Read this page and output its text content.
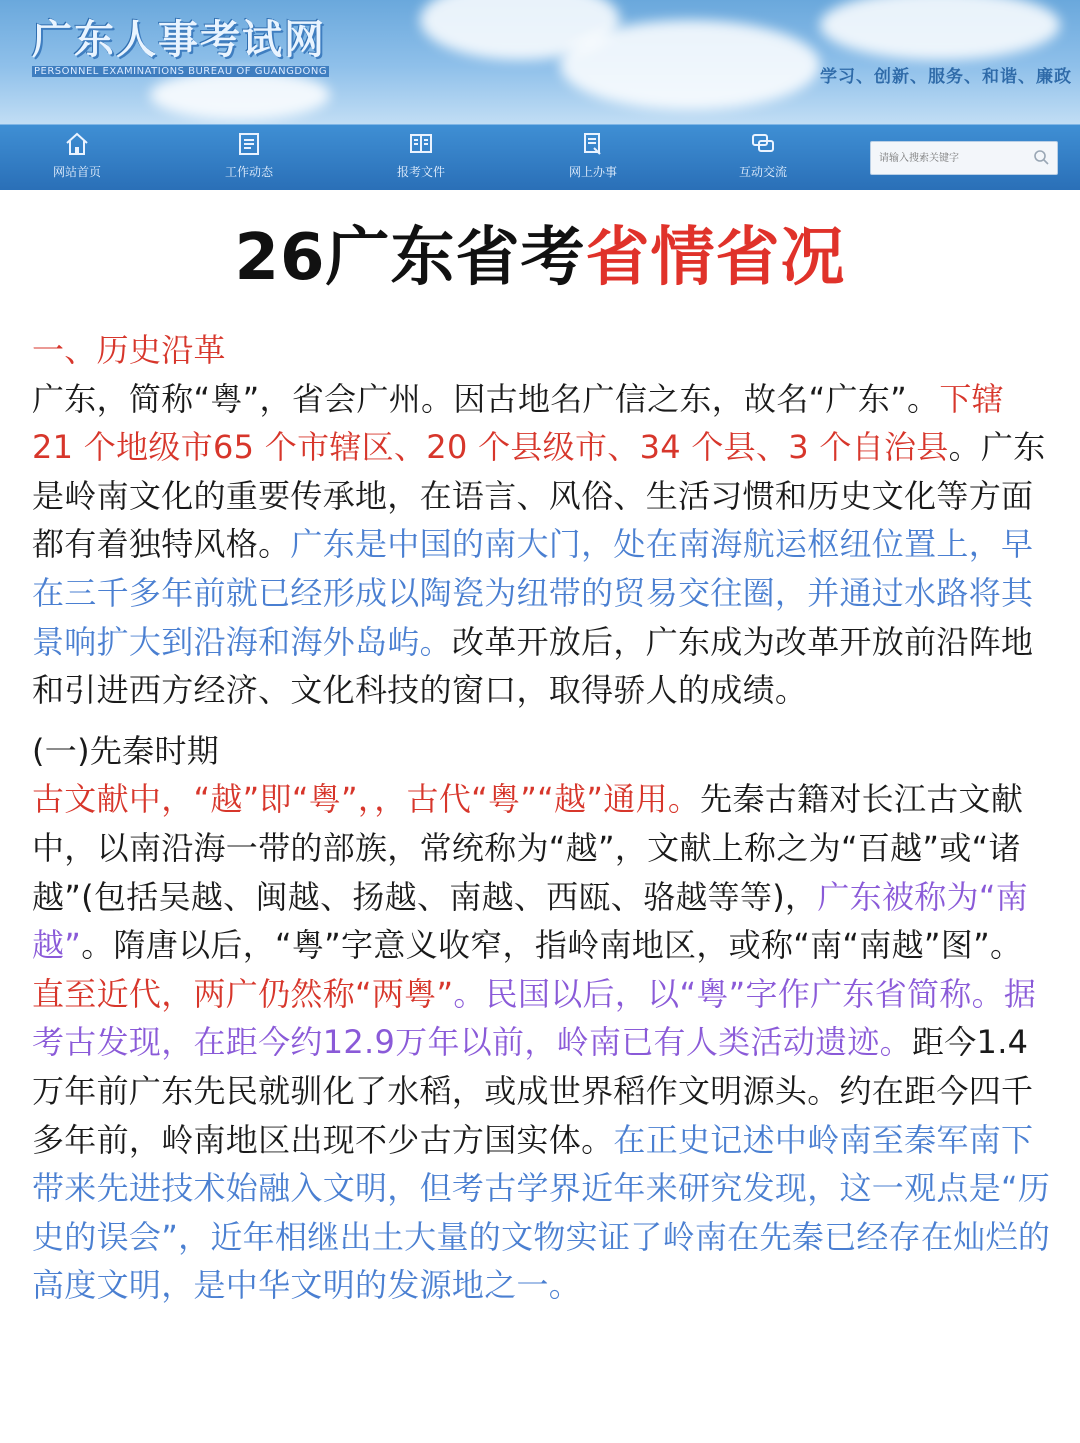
广东人事考试网
PERSONNEL EXAMINATIONS BUREAU OF GUANGDONG	学习、创新、服务、和谐、廉政
网站首页	工作动态	报考文件	网上办事	互动交流
请输入搜索关键字
26广东省考省情省况

一、历史沿革

广东，简称“粤”，省会广州。因古地名广信之东，故名“广东”。下辖 21 个地级市65 个市辖区、20 个县级市、34 个县、3 个自治县。广东是岭南文化的重要传承地，在语言、风俗、生活习惯和历史文化等方面都有着独特风格。广东是中国的南大门，处在南海航运枢纽位置上，早在三千多年前就已经形成以陶瓷为纽带的贸易交往圈，并通过水路将其景响扩大到沿海和海外岛屿。改革开放后，广东成为改革开放前沿阵地和引进西方经济、文化科技的窗口，取得骄人的成绩。

(一)先秦时期

古文献中，“越”即“粤”，，古代“粤”“越”通用。先秦古籍对长江古文献中，以南沿海一带的部族，常统称为“越”，文献上称之为“百越”或“诸越”(包括吴越、闽越、扬越、南越、西瓯、骆越等等)，广东被称为“南越”。隋唐以后，“粤”字意义收窄，指岭南地区，或称“南“南越”图”。直至近代，两广仍然称“两粤”。民国以后，以“粤”字作广东省简称。据考古发现，在距今约12.9万年以前，岭南已有人类活动遗迹。距今1.4万年前广东先民就驯化了水稻，或成世界稻作文明源头。约在距今四千多年前，岭南地区出现不少古方国实体。在正史记述中岭南至秦军南下带来先进技术始融入文明，但考古学界近年来研究发现，这一观点是“历史的误会”，近年相继出土大量的文物实证了岭南在先秦已经存在灿烂的高度文明，是中华文明的发源地之一。
